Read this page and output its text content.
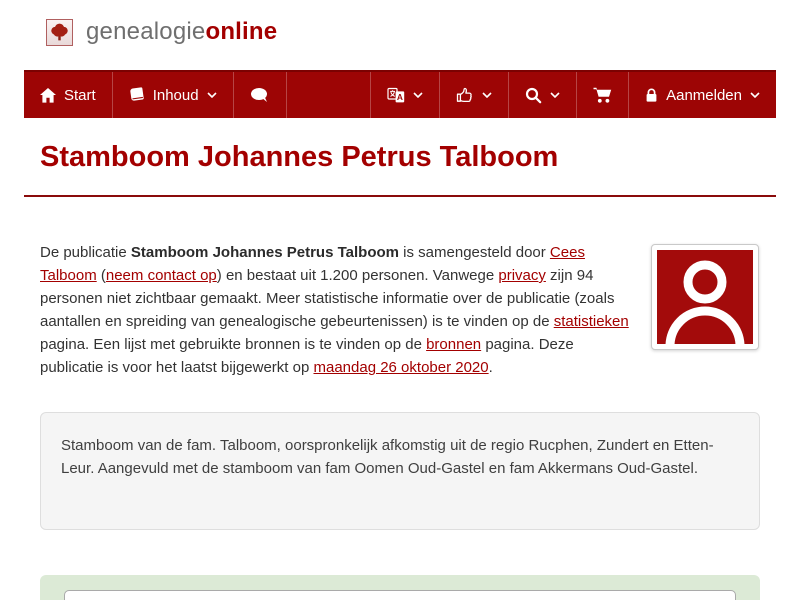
genealogieonline
Start	Inhoud	A	Aanmelden
Stamboom Johannes Petrus Talboom

De publicatie Stamboom Johannes Petrus Talboom is samengesteld door Cees Talboom (neem contact op) en bestaat uit 1.200 personen. Vanwege privacy zijn 94 personen niet zichtbaar gemaakt. Meer statistische informatie over de publicatie (zoals aantallen en spreiding van genealogische gebeurtenissen) is te vinden op de statistieken pagina. Een lijst met gebruikte bronnen is te vinden op de bronnen pagina. Deze publicatie is voor het laatst bijgewerkt op maandag 26 oktober 2020.

Stamboom van de fam. Talboom, oorspronkelijk afkomstig uit de regio Rucphen, Zundert en Etten-Leur. Aangevuld met de stamboom van fam Oomen Oud-Gastel en fam Akkermans Oud-Gastel.
